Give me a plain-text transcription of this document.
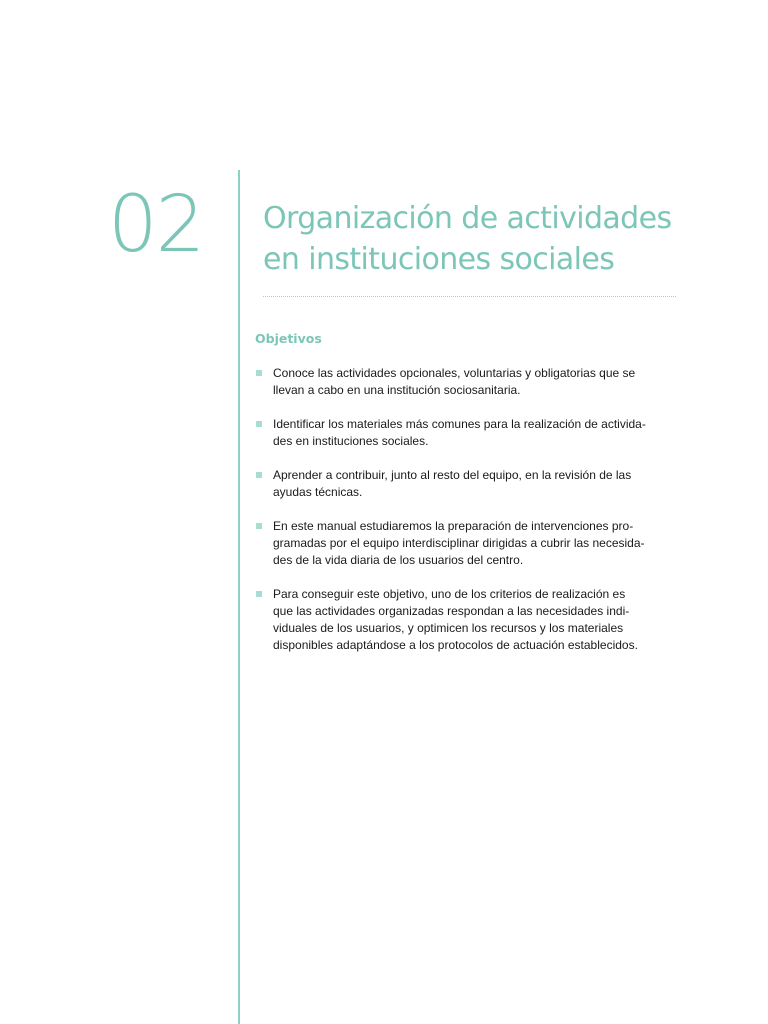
02 Organización de actividades
en instituciones sociales
Objetivos
Conoce las actividades opcionales, voluntarias y obligatorias que se
llevan a cabo en una institución sociosanitaria.
Identificar los materiales más comunes para la realización de activida-
des en instituciones sociales.
Aprender a contribuir, junto al resto del equipo, en la revisión de las
ayudas técnicas.
En este manual estudiaremos la preparación de intervenciones pro-
gramadas por el equipo interdisciplinar dirigidas a cubrir las necesida-
des de la vida diaria de los usuarios del centro.
Para conseguir este objetivo, uno de los criterios de realización es
que las actividades organizadas respondan a las necesidades indi-
viduales de los usuarios, y optimicen los recursos y los materiales
disponibles adaptándose a los protocolos de actuación establecidos.
